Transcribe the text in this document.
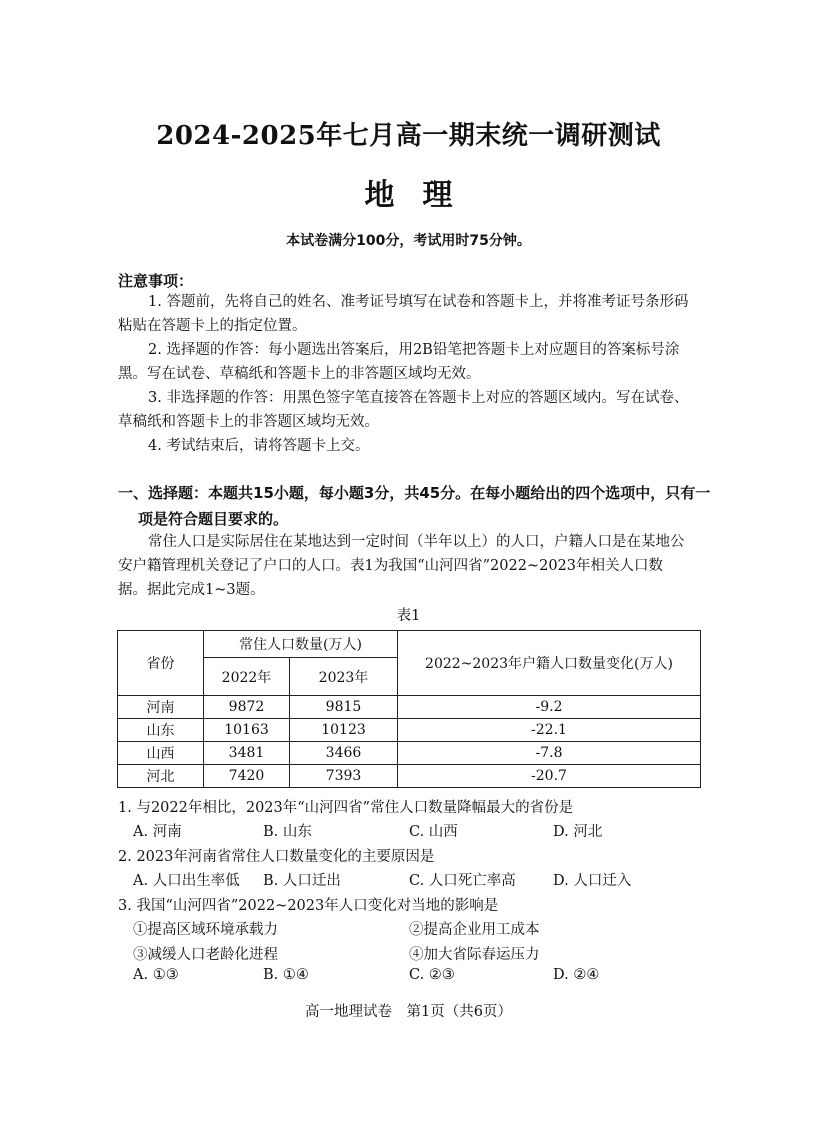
2024-2025年七月高一期末统一调研测试
地理
本试卷满分100分，考试用时75分钟。
注意事项：
1. 答题前，先将自己的姓名、准考证号填写在试卷和答题卡上，并将准考证号条形码
粘贴在答题卡上的指定位置。
2. 选择题的作答：每小题选出答案后，用2B铅笔把答题卡上对应题目的答案标号涂
黑。写在试卷、草稿纸和答题卡上的非答题区域均无效。
3. 非选择题的作答：用黑色签字笔直接答在答题卡上对应的答题区域内。写在试卷、
草稿纸和答题卡上的非答题区域均无效。
4. 考试结束后，请将答题卡上交。
一、选择题：本题共15小题，每小题3分，共45分。在每小题给出的四个选项中，只有一
项是符合题目要求的。
常住人口是实际居住在某地达到一定时间（半年以上）的人口，户籍人口是在某地公
安户籍管理机关登记了户口的人口。表1为我国“山河四省”2022~2023年相关人口数
据。据此完成1~3题。
表1
省份	常住人口数量(万人)		2022~2023年户籍人口数量变化(万人)
	2022年	2023年	
河南	9872	9815	-9.2
山东	10163	10123	-22.1
山西	3481	3466	-7.8
河北	7420	7393	-20.7
1. 与2022年相比，2023年“山河四省”常住人口数量降幅最大的省份是
A. 河南	B. 山东	C. 山西	D. 河北
2. 2023年河南省常住人口数量变化的主要原因是
A. 人口出生率低 B. 人口迁出	C. 人口死亡率高	D. 人口迁入
3. 我国“山河四省”2022~2023年人口变化对当地的影响是
①提高区域环境承载力	②提高企业用工成本
③减缓人口老龄化进程	④加大省际春运压力
A. ①③	B. ①④	C. ②③	D. ②④
高一地理试卷　第1页（共6页）
